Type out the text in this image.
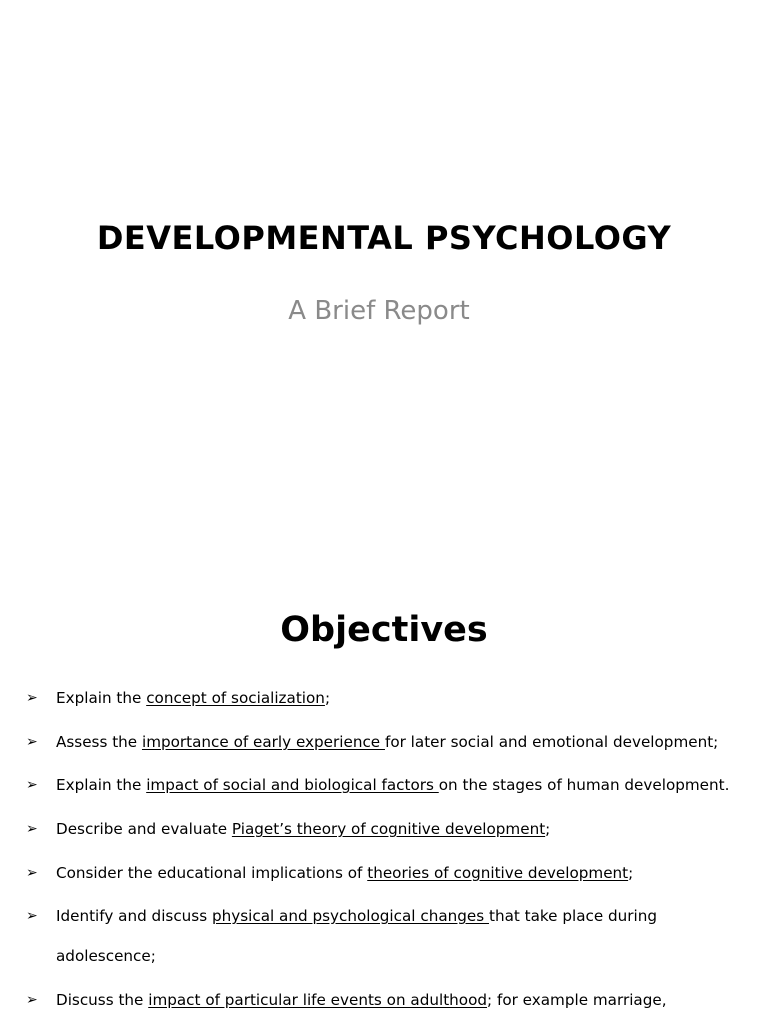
DEVELOPMENTAL PSYCHOLOGY
A Brief Report
Objectives
➢ Explain the concept of socialization;
➢ Assess the importance of early experience for later social and emotional development;
➢ Explain the impact of social and biological factors on the stages of human development.
➢ Describe and evaluate Piaget’s theory of cognitive development;
➢ Consider the educational implications of theories of cognitive development;
➢ Identify and discuss physical and psychological changes that take place during
adolescence;
➢ Discuss the impact of particular life events on adulthood; for example marriage,
